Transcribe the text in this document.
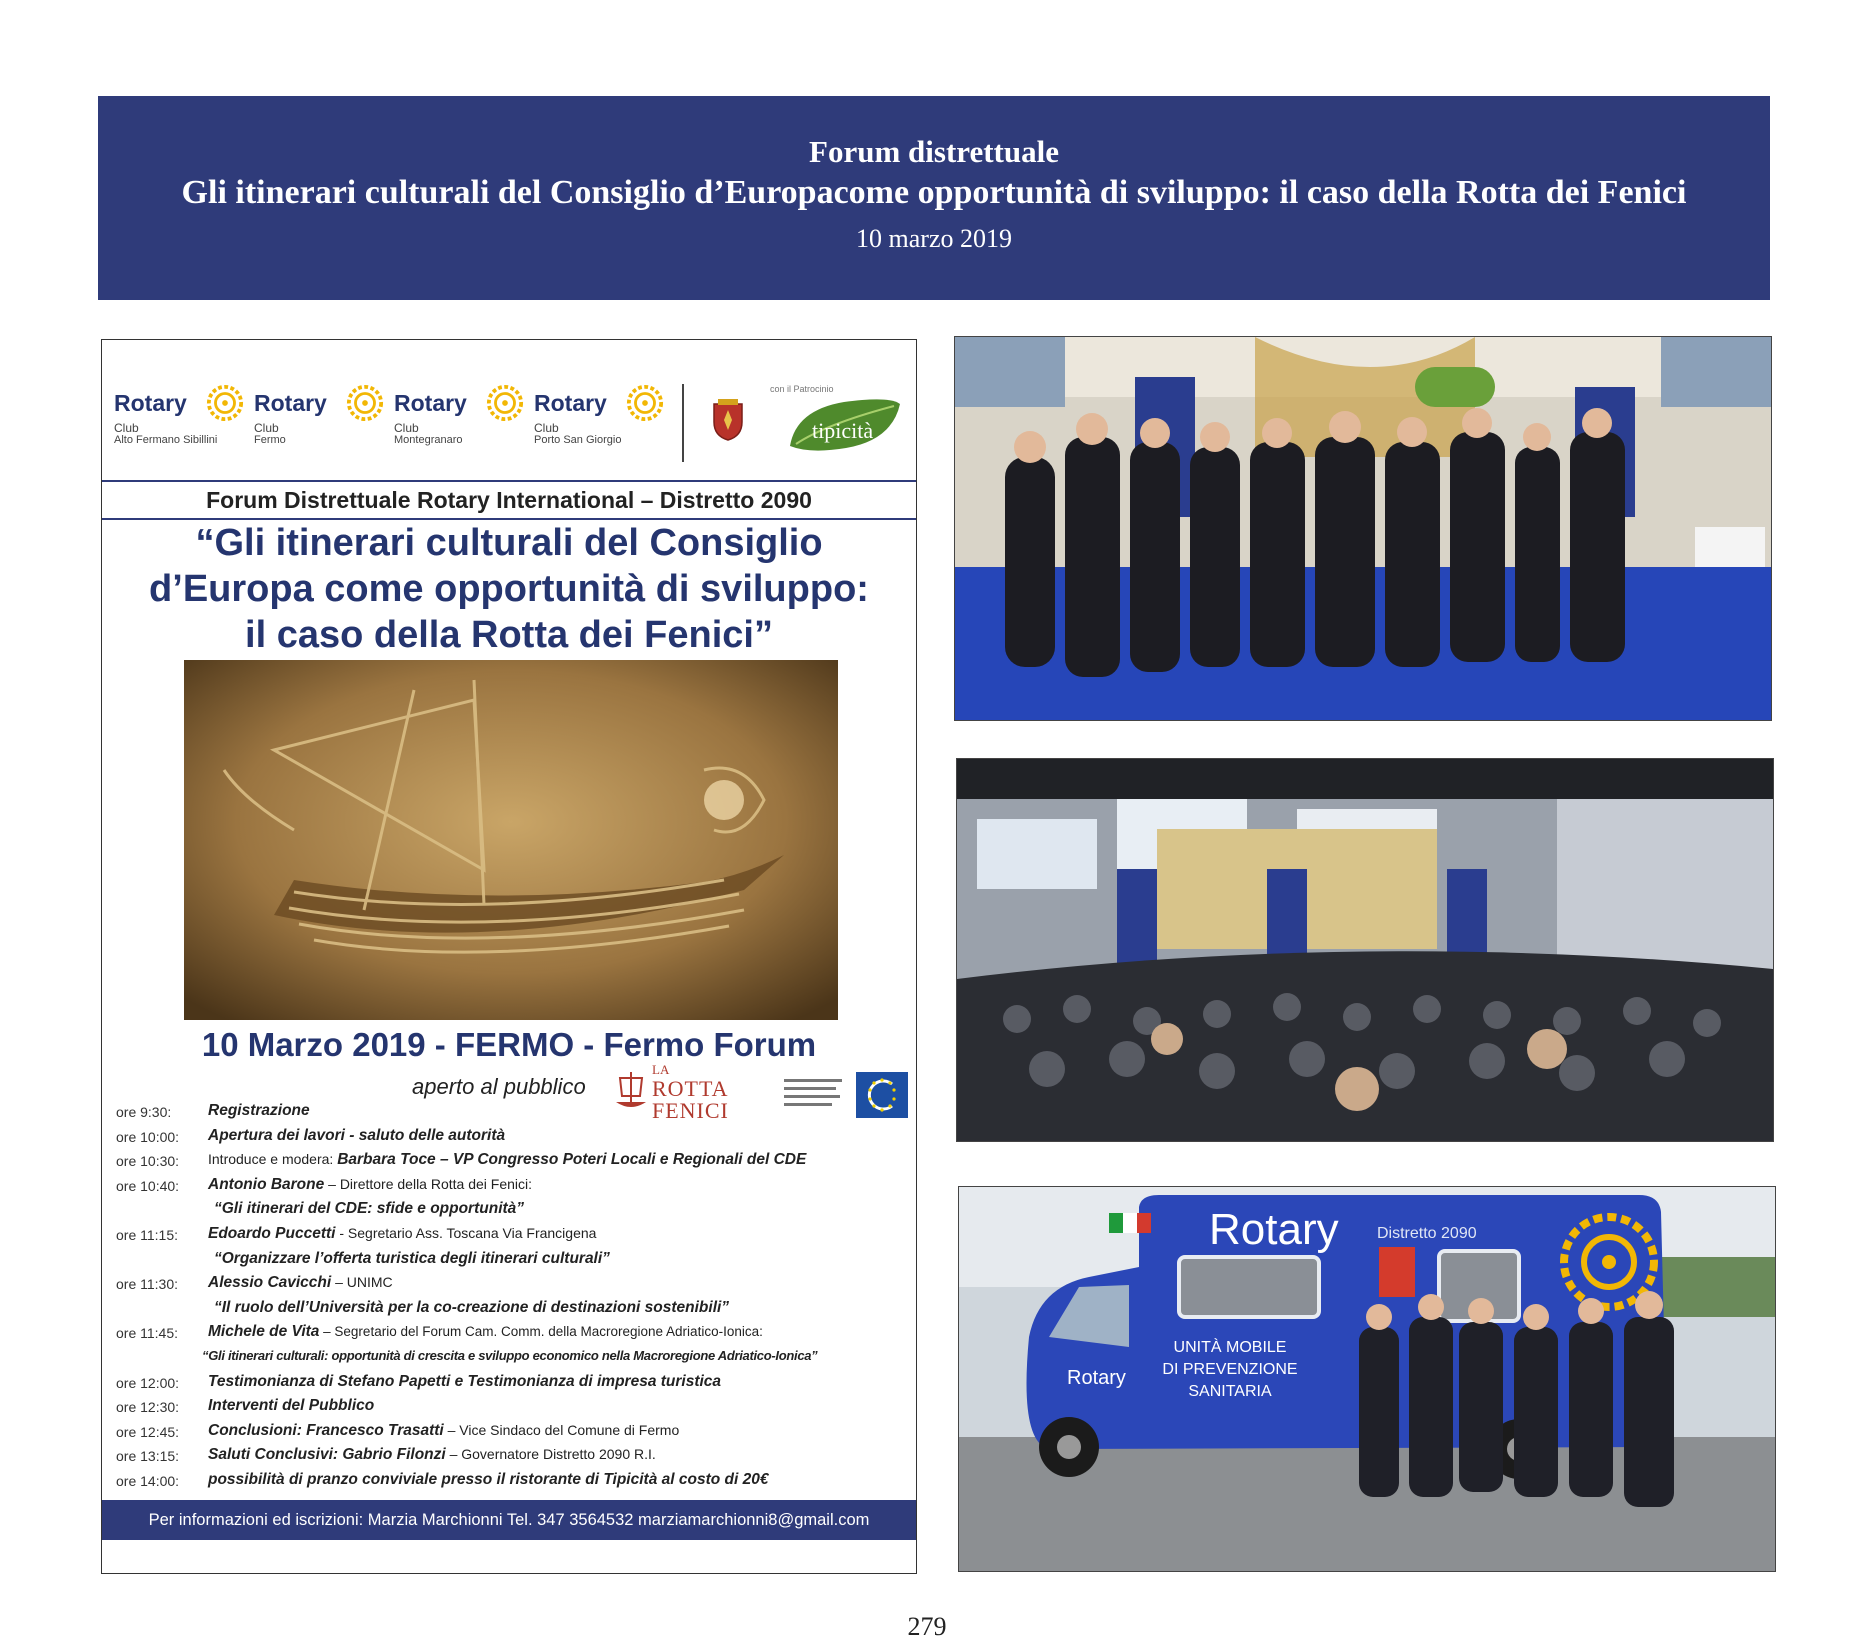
Forum distrettuale
Gli itinerari culturali del Consiglio d’Europacome opportunità di sviluppo: il caso della Rotta dei Fenici
10 marzo 2019
Rotary
Club
Alto Fermano Sibillini
Rotary
Club
Fermo
Rotary
Club
Montegranaro
Rotary
Club
Porto San Giorgio
con il Patrocinio
tipicità
Forum Distrettuale Rotary International – Distretto 2090
“Gli itinerari culturali del Consiglio
d’Europa come opportunità di sviluppo:
il caso della Rotta dei Fenici”
10 Marzo 2019 - FERMO - Fermo Forum
aperto al pubblico
LA
ROTTA
FENICI
ore 9:30: Registrazione
ore 10:00: Apertura dei lavori - saluto delle autorità
ore 10:30: Introduce e modera: Barbara Toce – VP Congresso Poteri Locali e Regionali del CDE
ore 10:40: Antonio Barone – Direttore della Rotta dei Fenici:
“Gli itinerari del CDE: sfide e opportunità”
ore 11:15: Edoardo Puccetti - Segretario Ass. Toscana Via Francigena
“Organizzare l’offerta turistica degli itinerari culturali”
ore 11:30: Alessio Cavicchi – UNIMC
“Il ruolo dell’Università per la co-creazione di destinazioni sostenibili”
ore 11:45: Michele de Vita – Segretario del Forum Cam. Comm. della Macroregione Adriatico-Ionica:
“Gli itinerari culturali: opportunità di crescita e sviluppo economico nella Macroregione Adriatico-Ionica”
ore 12:00: Testimonianza di Stefano Papetti e Testimonianza di impresa turistica
ore 12:30: Interventi del Pubblico
ore 12:45: Conclusioni: Francesco Trasatti – Vice Sindaco del Comune di Fermo
ore 13:15: Saluti Conclusivi: Gabrio Filonzi – Governatore Distretto 2090 R.I.
ore 14:00: possibilità di pranzo conviviale presso il ristorante di Tipicità al costo di 20€
Per informazioni ed iscrizioni: Marzia Marchionni Tel. 347 3564532 marziamarchionni8@gmail.com
Rotary Distretto 2090
Rotary
UNITÀ MOBILE
DI PREVENZIONE
SANITARIA
279
